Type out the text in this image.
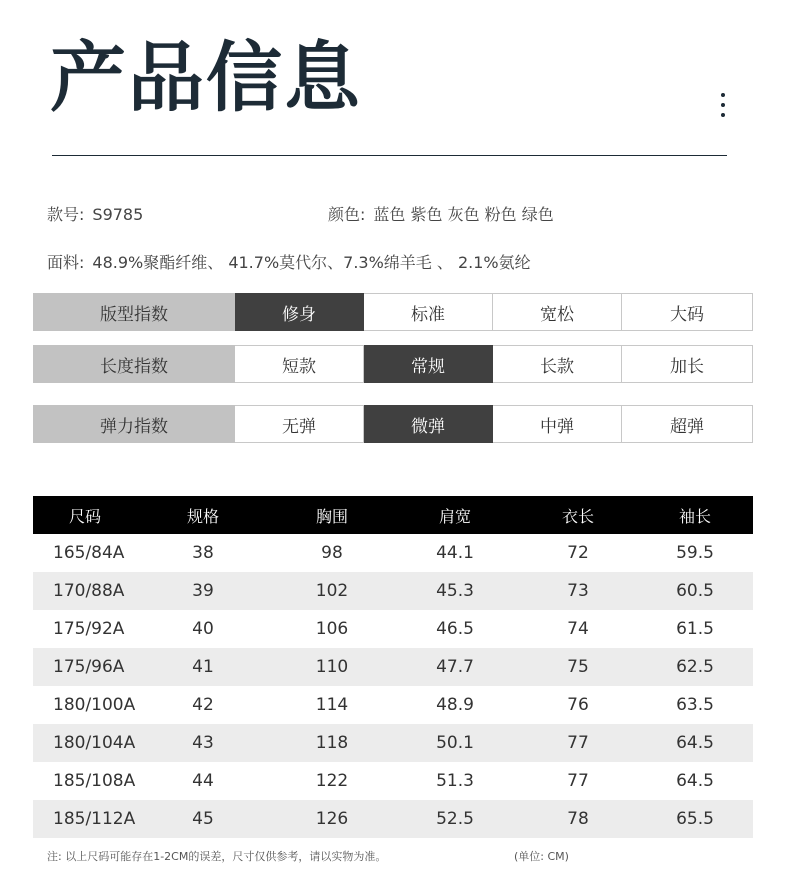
产品信息
款号: S9785	颜色: 蓝色 紫色 灰色 粉色 绿色
面料: 48.9%聚酯纤维、 41.7%莫代尔、7.3%绵羊毛 、 2.1%氨纶
版型指数	修身	标准	宽松	大码
长度指数	短款	常规	长款	加长
弹力指数	无弹	微弹	中弹	超弹
尺码	规格	胸围	肩宽	衣长	袖长
165/84A	38	98	44.1	72	59.5
170/88A	39	102	45.3	73	60.5
175/92A	40	106	46.5	74	61.5
175/96A	41	110	47.7	75	62.5
180/100A	42	114	48.9	76	63.5
180/104A	43	118	50.1	77	64.5
185/108A	44	122	51.3	77	64.5
185/112A	45	126	52.5	78	65.5
注: 以上尺码可能存在1-2CM的误差，尺寸仅供参考，请以实物为准。	(单位: CM)
